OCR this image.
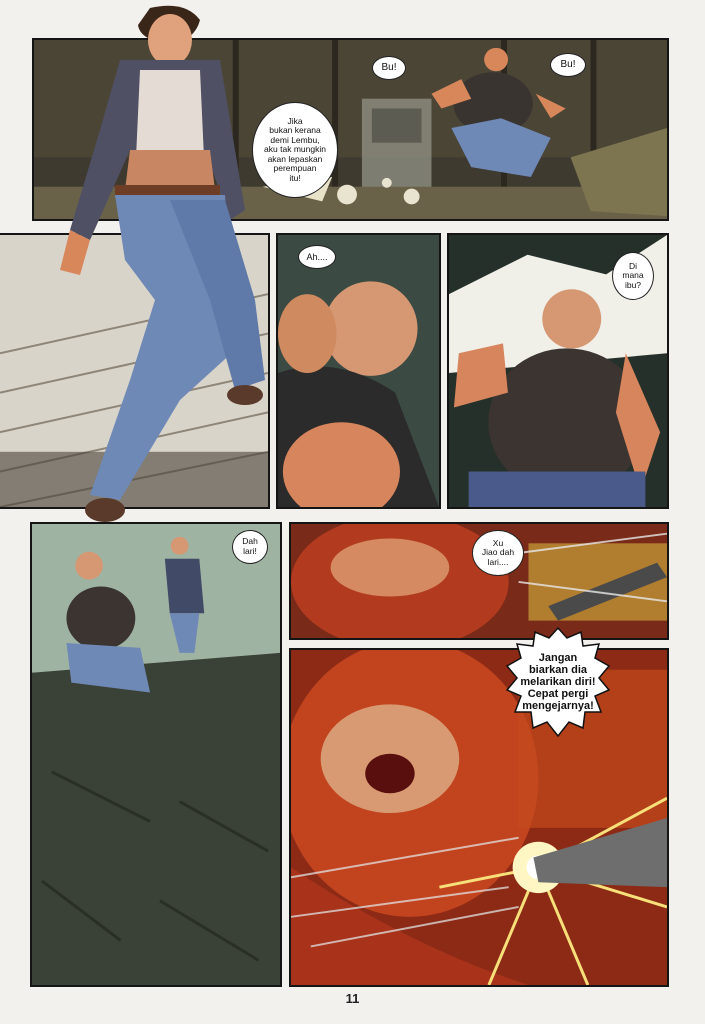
Bu!	Bu!
Jika
bukan kerana
demi Lembu,
aku tak mungkin
akan lepaskan
perempuan
itu!
Ah....
Di
mana
ibu?
Dah
lari!
Xu
Jiao dah
lari....
Jangan
biarkan dia
melarikan diri!
Cepat pergi
mengejarnya!
11
